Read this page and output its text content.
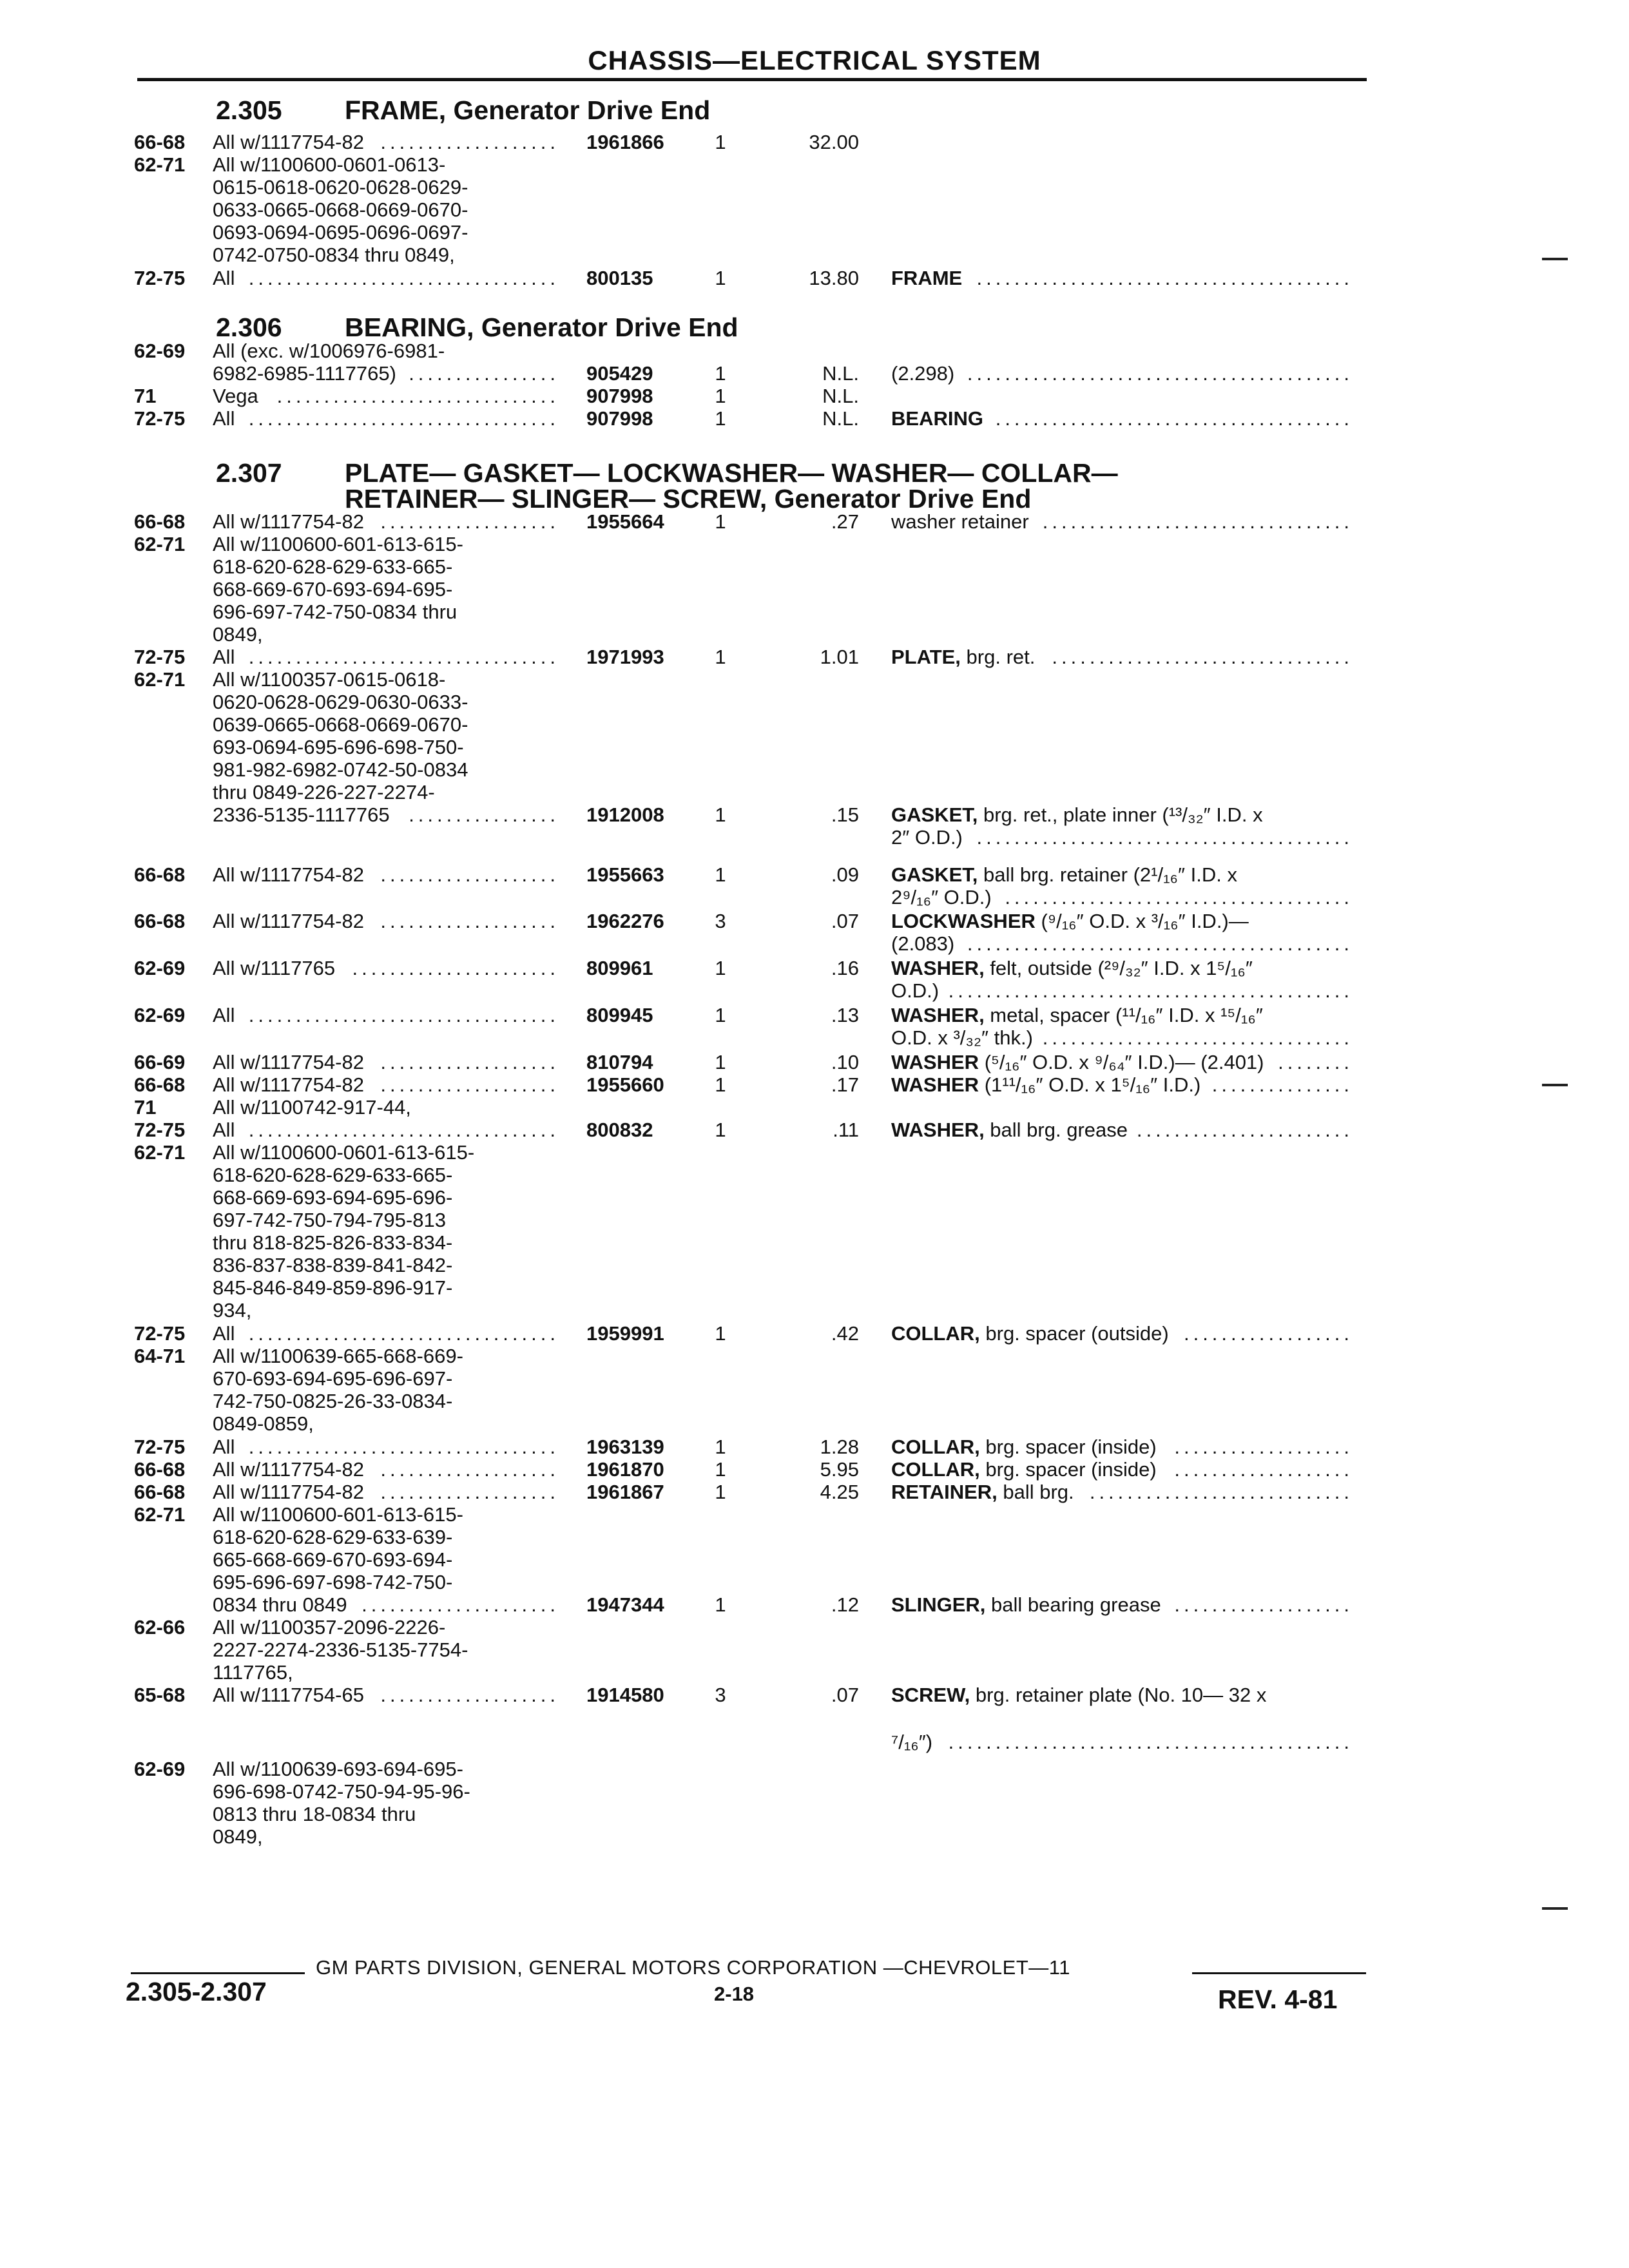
CHASSIS—ELECTRICAL SYSTEM
2.305 FRAME, Generator Drive End
2.306 BEARING, Generator Drive End
2.307 PLATE— GASKET— LOCKWASHER— WASHER— COLLAR—
RETAINER— SLINGER— SCREW, Generator Drive End
66-68 All w/1117754-82 ................... 1961866	1	32.00
62-71 All w/1100600-0601-0613-
0615-0618-0620-0628-0629-
0633-0665-0668-0669-0670-
0693-0694-0695-0696-0697-
0742-0750-0834 thru 0849,
72-75 All ................................. 800135	1	13.80 FRAME ........................................
62-69 All (exc. w/1006976-6981-
6982-6985-1117765) ................ 905429	1	N.L. (2.298) .........................................
71	Vega .............................. 907998	1	N.L.
72-75 All ................................. 907998	1	N.L. BEARING ......................................
66-68 All w/1117754-82 ................... 1955664	1	.27 washer retainer .................................
62-71 All w/1100600-601-613-615-
618-620-628-629-633-665-
668-669-670-693-694-695-
696-697-742-750-0834 thru
0849,
72-75 All ................................. 1971993	1	1.01 PLATE, brg. ret. ................................
62-71 All w/1100357-0615-0618-
0620-0628-0629-0630-0633-
0639-0665-0668-0669-0670-
693-0694-695-696-698-750-
981-982-6982-0742-50-0834
thru 0849-226-227-2274-
2336-5135-1117765 ................ 1912008	1	.15 GASKET, brg. ret., plate inner (¹³/₃₂″ I.D. x
2″ O.D.) ........................................
66-68 All w/1117754-82 ................... 1955663	1	.09 GASKET, ball brg. retainer (2¹/₁₆″ I.D. x
2⁹/₁₆″ O.D.) .....................................
66-68 All w/1117754-82 ................... 1962276	3	.07 LOCKWASHER (⁹/₁₆″ O.D. x ³/₁₆″ I.D.)—
(2.083) .........................................
62-69 All w/1117765 ...................... 809961	1	.16 WASHER, felt, outside (²⁹/₃₂″ I.D. x 1⁵/₁₆″
O.D.) ...........................................
62-69 All ................................. 809945	1	.13 WASHER, metal, spacer (¹¹/₁₆″ I.D. x ¹⁵/₁₆″
O.D. x ³/₃₂″ thk.) .................................
66-69 All w/1117754-82 ................... 810794	1	.10 WASHER (⁵/₁₆″ O.D. x ⁹/₆₄″ I.D.)— (2.401) ........
66-68 All w/1117754-82 ................... 1955660	1	.17 WASHER (1¹¹/₁₆″ O.D. x 1⁵/₁₆″ I.D.) ...............
71	All w/1100742-917-44,
72-75 All ................................. 800832	1	.11 WASHER, ball brg. grease .......................
62-71 All w/1100600-0601-613-615-
618-620-628-629-633-665-
668-669-693-694-695-696-
697-742-750-794-795-813
thru 818-825-826-833-834-
836-837-838-839-841-842-
845-846-849-859-896-917-
934,
72-75 All ................................. 1959991	1	.42 COLLAR, brg. spacer (outside) ..................
64-71 All w/1100639-665-668-669-
670-693-694-695-696-697-
742-750-0825-26-33-0834-
0849-0859,
72-75 All ................................. 1963139	1	1.28 COLLAR, brg. spacer (inside) ...................
66-68 All w/1117754-82 ................... 1961870	1	5.95 COLLAR, brg. spacer (inside) ...................
66-68 All w/1117754-82 ................... 1961867	1	4.25 RETAINER, ball brg. ............................
62-71 All w/1100600-601-613-615-
618-620-628-629-633-639-
665-668-669-670-693-694-
695-696-697-698-742-750-
0834 thru 0849 ..................... 1947344	1	.12 SLINGER, ball bearing grease ...................
62-66 All w/1100357-2096-2226-
2227-2274-2336-5135-7754-
1117765,
65-68 All w/1117754-65 ................... 1914580	3	.07 SCREW, brg. retainer plate (No. 10— 32 x
⁷/₁₆″) ...........................................
62-69 All w/1100639-693-694-695-
696-698-0742-750-94-95-96-
0813 thru 18-0834 thru
0849,
GM PARTS DIVISION, GENERAL MOTORS CORPORATION —CHEVROLET—11
2.305-2.307	2-18	REV. 4-81
